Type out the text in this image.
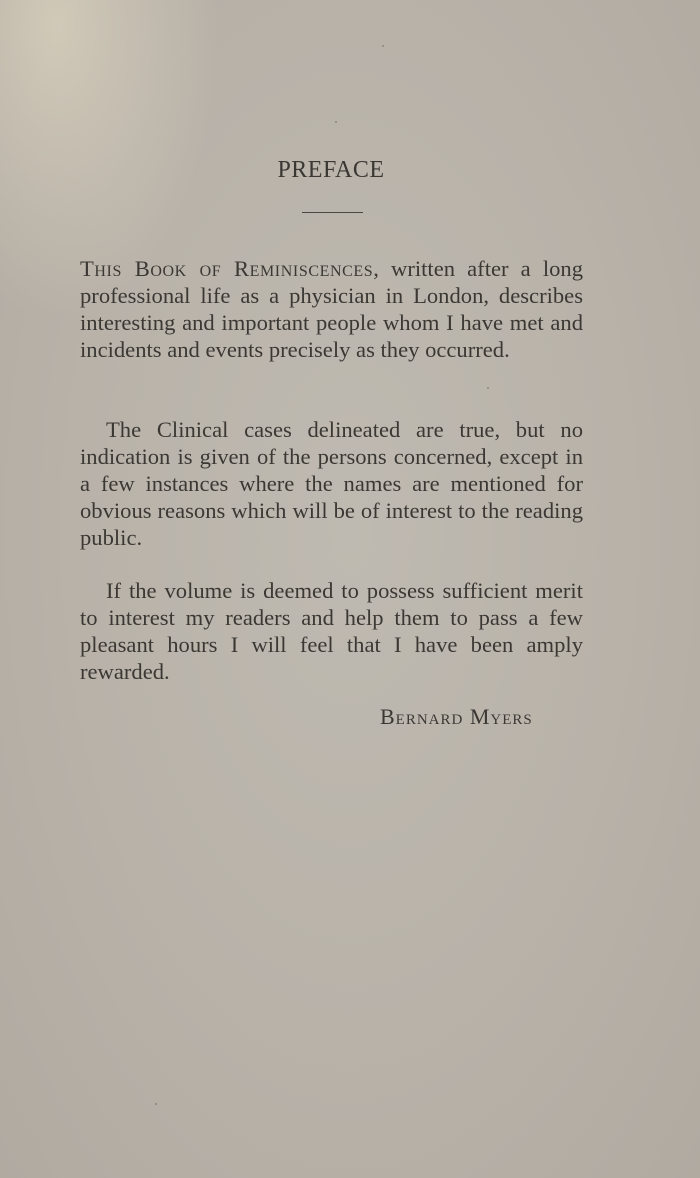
PREFACE

This Book of Reminiscences, written after a long professional life as a physician in London, describes interesting and important people whom I have met and incidents and events precisely as they occurred.

The Clinical cases delineated are true, but no indication is given of the persons concerned, except in a few instances where the names are mentioned for obvious reasons which will be of interest to the reading public.

If the volume is deemed to possess sufficient merit to interest my readers and help them to pass a few pleasant hours I will feel that I have been amply rewarded.

Bernard Myers
